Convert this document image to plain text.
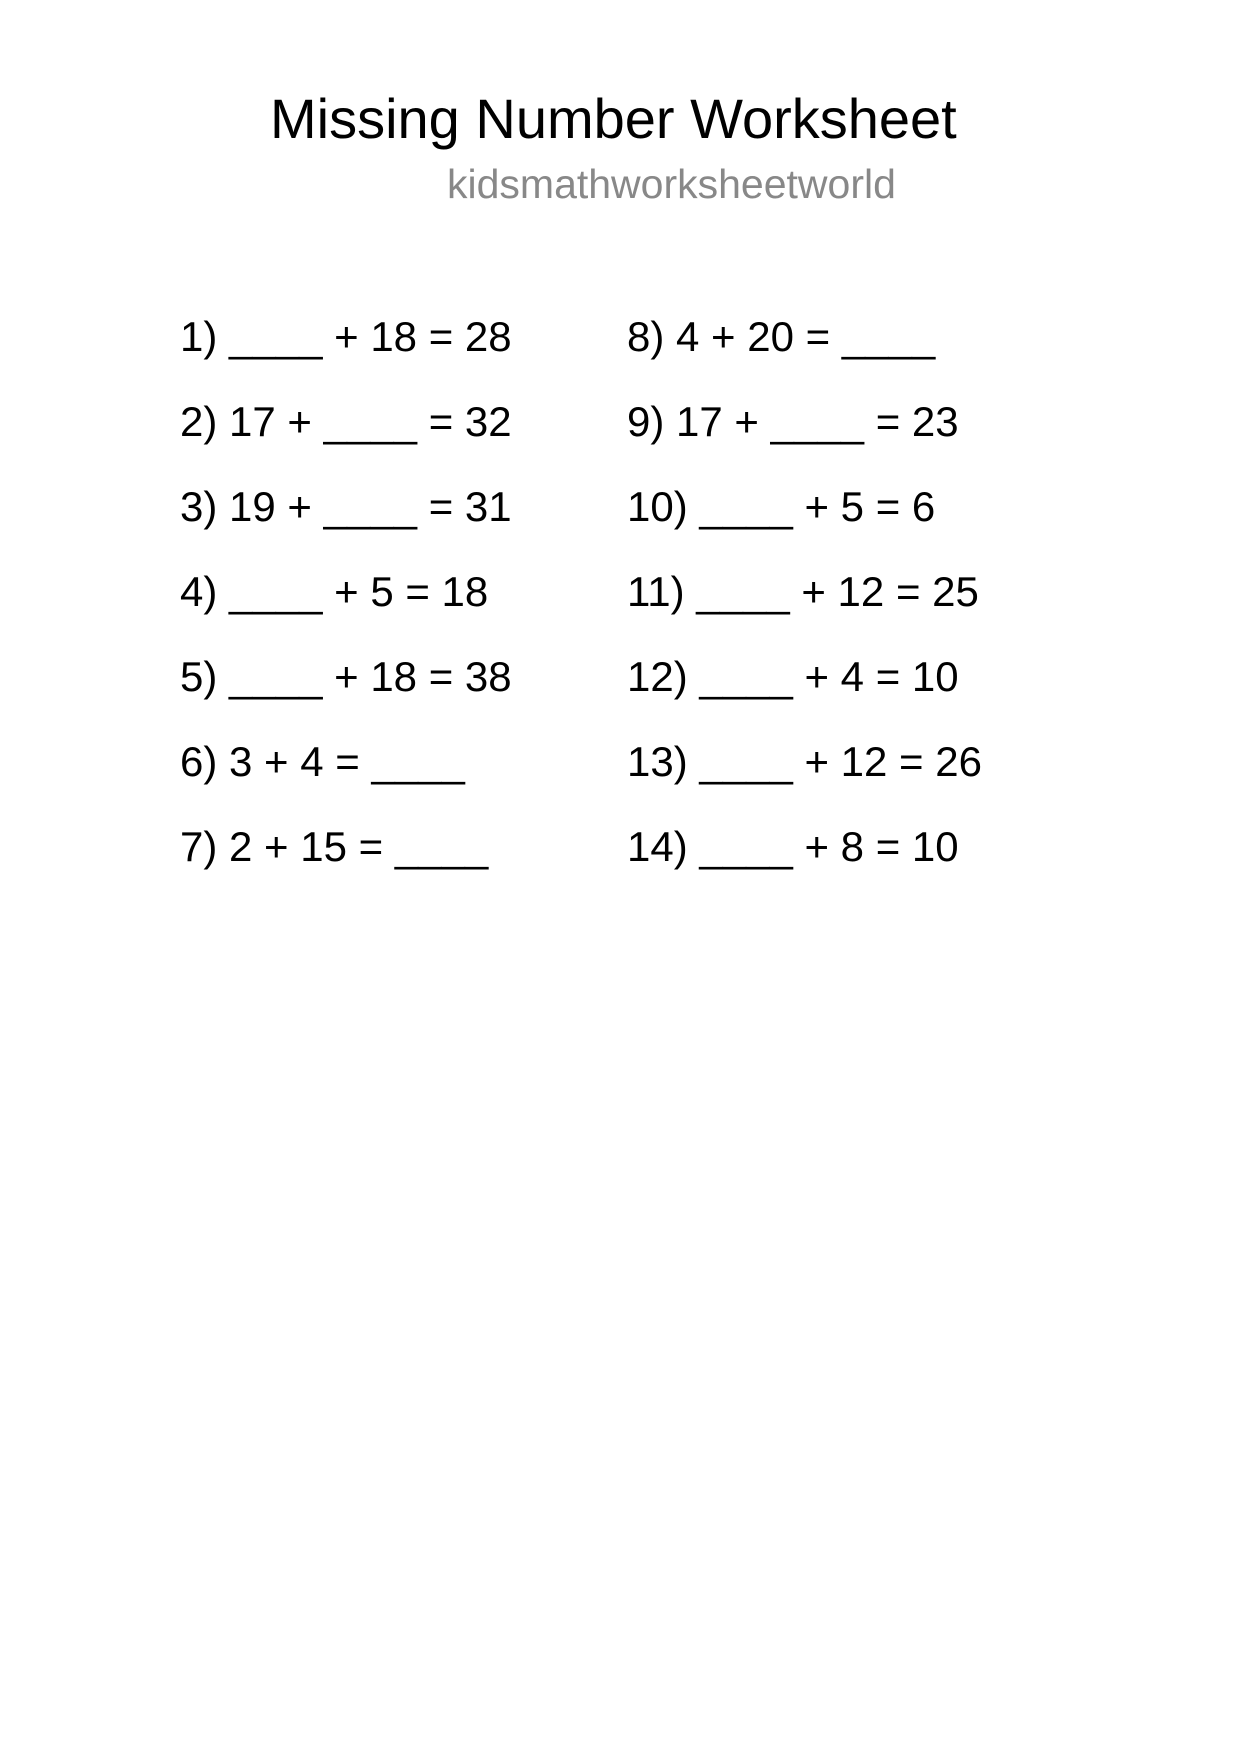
Missing Number Worksheet
kidsmathworksheetworld
1) ____ + 18 = 28
2) 17 + ____ = 32
3) 19 + ____ = 31
4) ____ + 5 = 18
5) ____ + 18 = 38
6) 3 + 4 = ____
7) 2 + 15 = ____
8) 4 + 20 = ____
9) 17 + ____ = 23
10) ____ + 5 = 6
11) ____ + 12 = 25
12) ____ + 4 = 10
13) ____ + 12 = 26
14) ____ + 8 = 10
